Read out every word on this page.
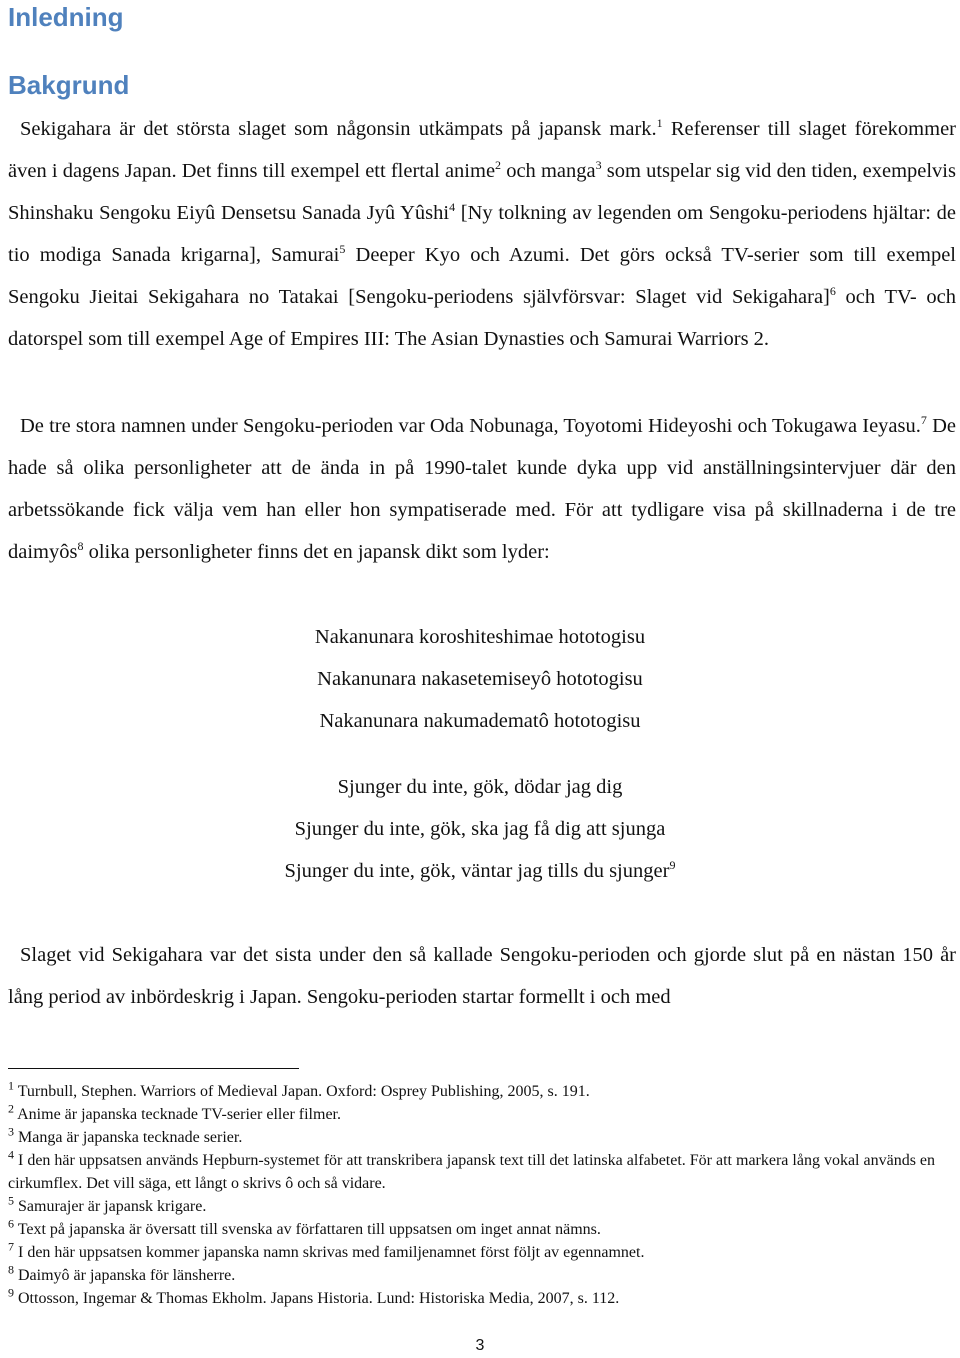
Inledning
Bakgrund

Sekigahara är det största slaget som någonsin utkämpats på japansk mark.$^1$ Referenser till slaget förekommer även i dagens Japan. Det finns till exempel ett flertal anime$^2$ och manga$^3$ som utspelar sig vid den tiden, exempelvis Shinshaku Sengoku Eiyû Densetsu Sanada Jyû Yûshi$^4$ [Ny tolkning av legenden om Sengoku-periodens hjältar: de tio modiga Sanada krigarna], Samurai$^5$ Deeper Kyo och Azumi. Det görs också TV-serier som till exempel Sengoku Jieitai Sekigahara no Tatakai [Sengoku-periodens självförsvar: Slaget vid Sekigahara]$^6$ och TV- och datorspel som till exempel Age of Empires III: The Asian Dynasties och Samurai Warriors 2.

De tre stora namnen under Sengoku-perioden var Oda Nobunaga, Toyotomi Hideyoshi och Tokugawa Ieyasu.$^7$ De hade så olika personligheter att de ända in på 1990-talet kunde dyka upp vid anställningsintervjuer där den arbetssökande fick välja vem han eller hon sympatiserade med. För att tydligare visa på skillnaderna i de tre daimyôs$^8$ olika personligheter finns det en japansk dikt som lyder:

Nakanunara koroshiteshimae hototogisu
Nakanunara nakasetemiseyô hototogisu
Nakanunara nakumadematô hototogisu
Sjunger du inte, gök, dödar jag dig
Sjunger du inte, gök, ska jag få dig att sjunga
Sjunger du inte, gök, väntar jag tills du sjunger$^9$

Slaget vid Sekigahara var det sista under den så kallade Sengoku-perioden och gjorde slut på en nästan 150 år lång period av inbördeskrig i Japan. Sengoku-perioden startar formellt i och med

$^1$ Turnbull, Stephen. Warriors of Medieval Japan. Oxford: Osprey Publishing, 2005, s. 191.

$^2$ Anime är japanska tecknade TV-serier eller filmer.

$^3$ Manga är japanska tecknade serier.

$^4$ I den här uppsatsen används Hepburn-systemet för att transkribera japansk text till det latinska alfabetet. För att markera lång vokal används en cirkumflex. Det vill säga, ett långt o skrivs ô och så vidare.

$^5$ Samurajer är japansk krigare.

$^6$ Text på japanska är översatt till svenska av författaren till uppsatsen om inget annat nämns.

$^7$ I den här uppsatsen kommer japanska namn skrivas med familjenamnet först följt av egennamnet.

$^8$ Daimyô är japanska för länsherre.

$^9$ Ottosson, Ingemar & Thomas Ekholm. Japans Historia. Lund: Historiska Media, 2007, s. 112.

3
